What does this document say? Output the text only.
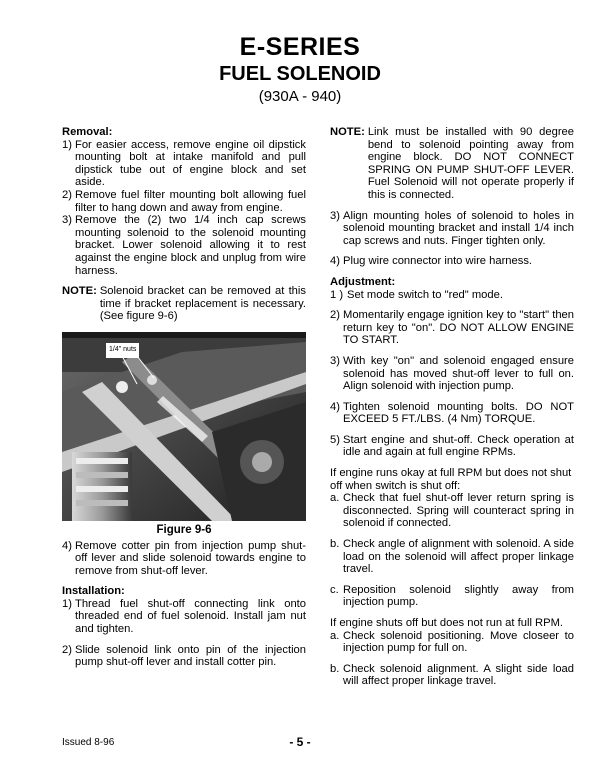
E-SERIES
FUEL SOLENOID
(930A - 940)
Removal:
1) For easier access, remove engine oil dipstick mounting bolt at intake manifold and pull dipstick tube out of engine block and set aside.
2) Remove fuel filter mounting bolt allowing fuel filter to hang down and away from engine.
3) Remove the (2) two 1/4 inch cap screws mounting solenoid to the solenoid mounting bracket. Lower solenoid allowing it to rest against the engine block and unplug from wire harness.
NOTE: Solenoid bracket can be removed at this time if bracket replacement is necessary. (See figure 9-6)
1/4" nuts
Figure 9-6
4) Remove cotter pin from injection pump shut-off lever and slide solenoid towards engine to remove from shut-off lever.
Installation:
1) Thread fuel shut-off connecting link onto threaded end of fuel solenoid. Install jam nut and tighten.
2) Slide solenoid link onto pin of the injection pump shut-off lever and install cotter pin.
NOTE: Link must be installed with 90 degree bend to solenoid pointing away from engine block. DO NOT CONNECT SPRING ON PUMP SHUT-OFF LEVER. Fuel Solenoid will not operate properly if this is connected.
3) Align mounting holes of solenoid to holes in solenoid mounting bracket and install 1/4 inch cap screws and nuts. Finger tighten only.
4) Plug wire connector into wire harness.
Adjustment:
1 ) Set mode switch to "red" mode.
2) Momentarily engage ignition key to "start" then return key to "on". DO NOT ALLOW ENGINE TO START.
3) With key "on" and solenoid engaged ensure solenoid has moved shut-off lever to full on. Align solenoid with injection pump.
4) Tighten solenoid mounting bolts. DO NOT EXCEED 5 FT./LBS. (4 Nm) TORQUE.
5) Start engine and shut-off. Check operation at idle and again at full engine RPMs.
If engine runs okay at full RPM but does not shut off when switch is shut off:
a. Check that fuel shut-off lever return spring is disconnected. Spring will counteract spring in solenoid if connected.
b. Check angle of alignment with solenoid. A side load on the solenoid will affect proper linkage travel.
c. Reposition solenoid slightly away from injection pump.
If engine shuts off but does not run at full RPM.
a. Check solenoid positioning. Move closeer to injection pump for full on.
b. Check solenoid alignment. A slight side load will affect proper linkage travel.
Issued 8-96	- 5 -
